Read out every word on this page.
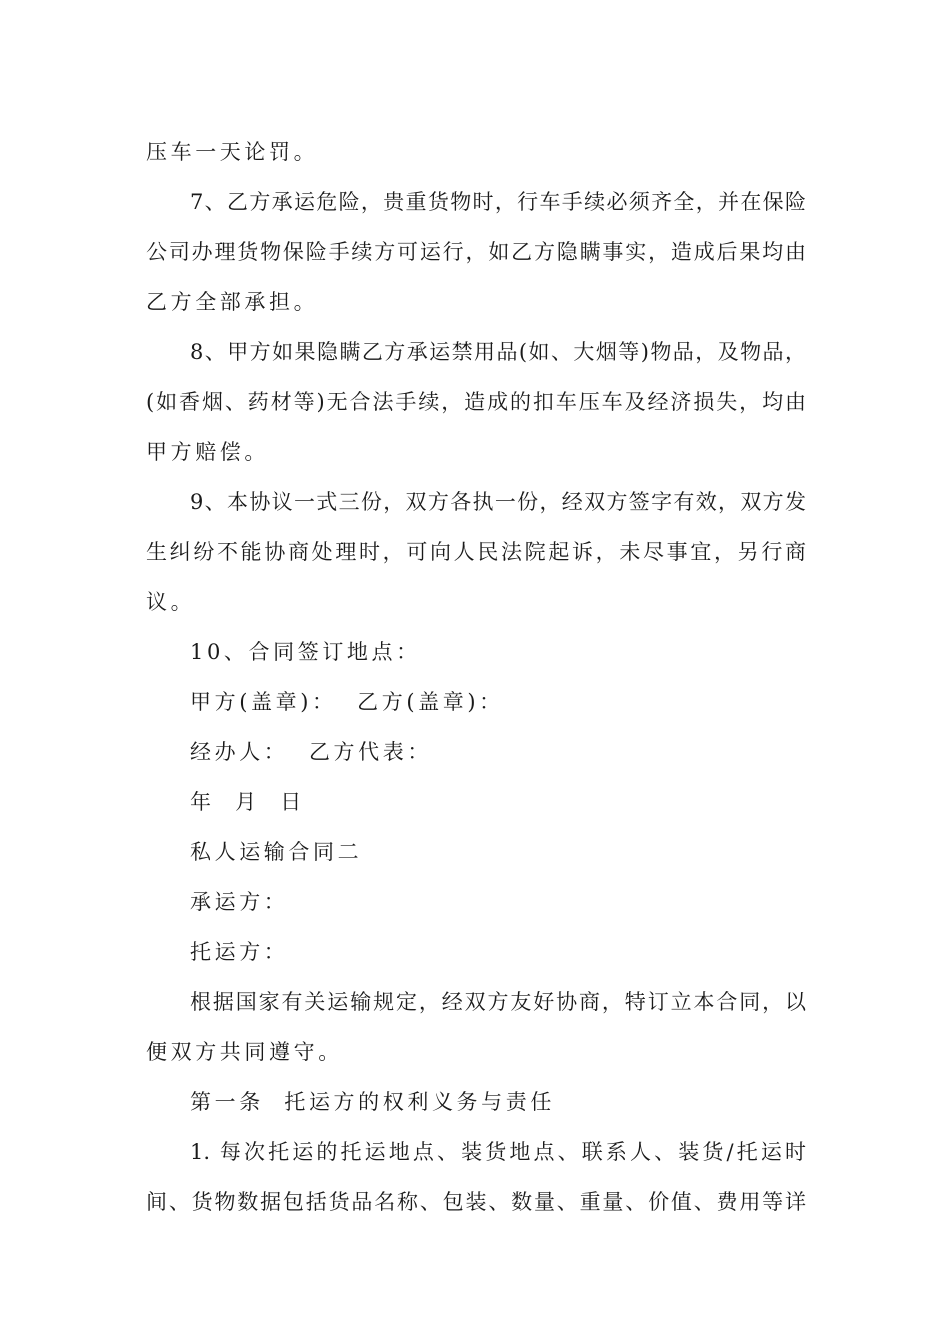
压车一天论罚。
7、乙方承运危险，贵重货物时，行车手续必须齐全，并在保险
公司办理货物保险手续方可运行，如乙方隐瞒事实，造成后果均由
乙方全部承担。
8、甲方如果隐瞒乙方承运禁用品(如、大烟等)物品，及物品，
(如香烟、药材等)无合法手续，造成的扣车压车及经济损失，均由
甲方赔偿。
9、本协议一式三份，双方各执一份，经双方签字有效，双方发
生纠纷不能协商处理时，可向人民法院起诉，未尽事宜，另行商
议。
10、合同签订地点：
甲方(盖章)：  乙方(盖章)：
经办人：  乙方代表：
年  月  日
私人运输合同二
承运方：
托运方：
根据国家有关运输规定，经双方友好协商，特订立本合同，以
便双方共同遵守。
第一条  托运方的权利义务与责任
1. 每次托运的托运地点、装货地点、联系人、装货/托运时
间、货物数据包括货品名称、包装、数量、重量、价值、费用等详
